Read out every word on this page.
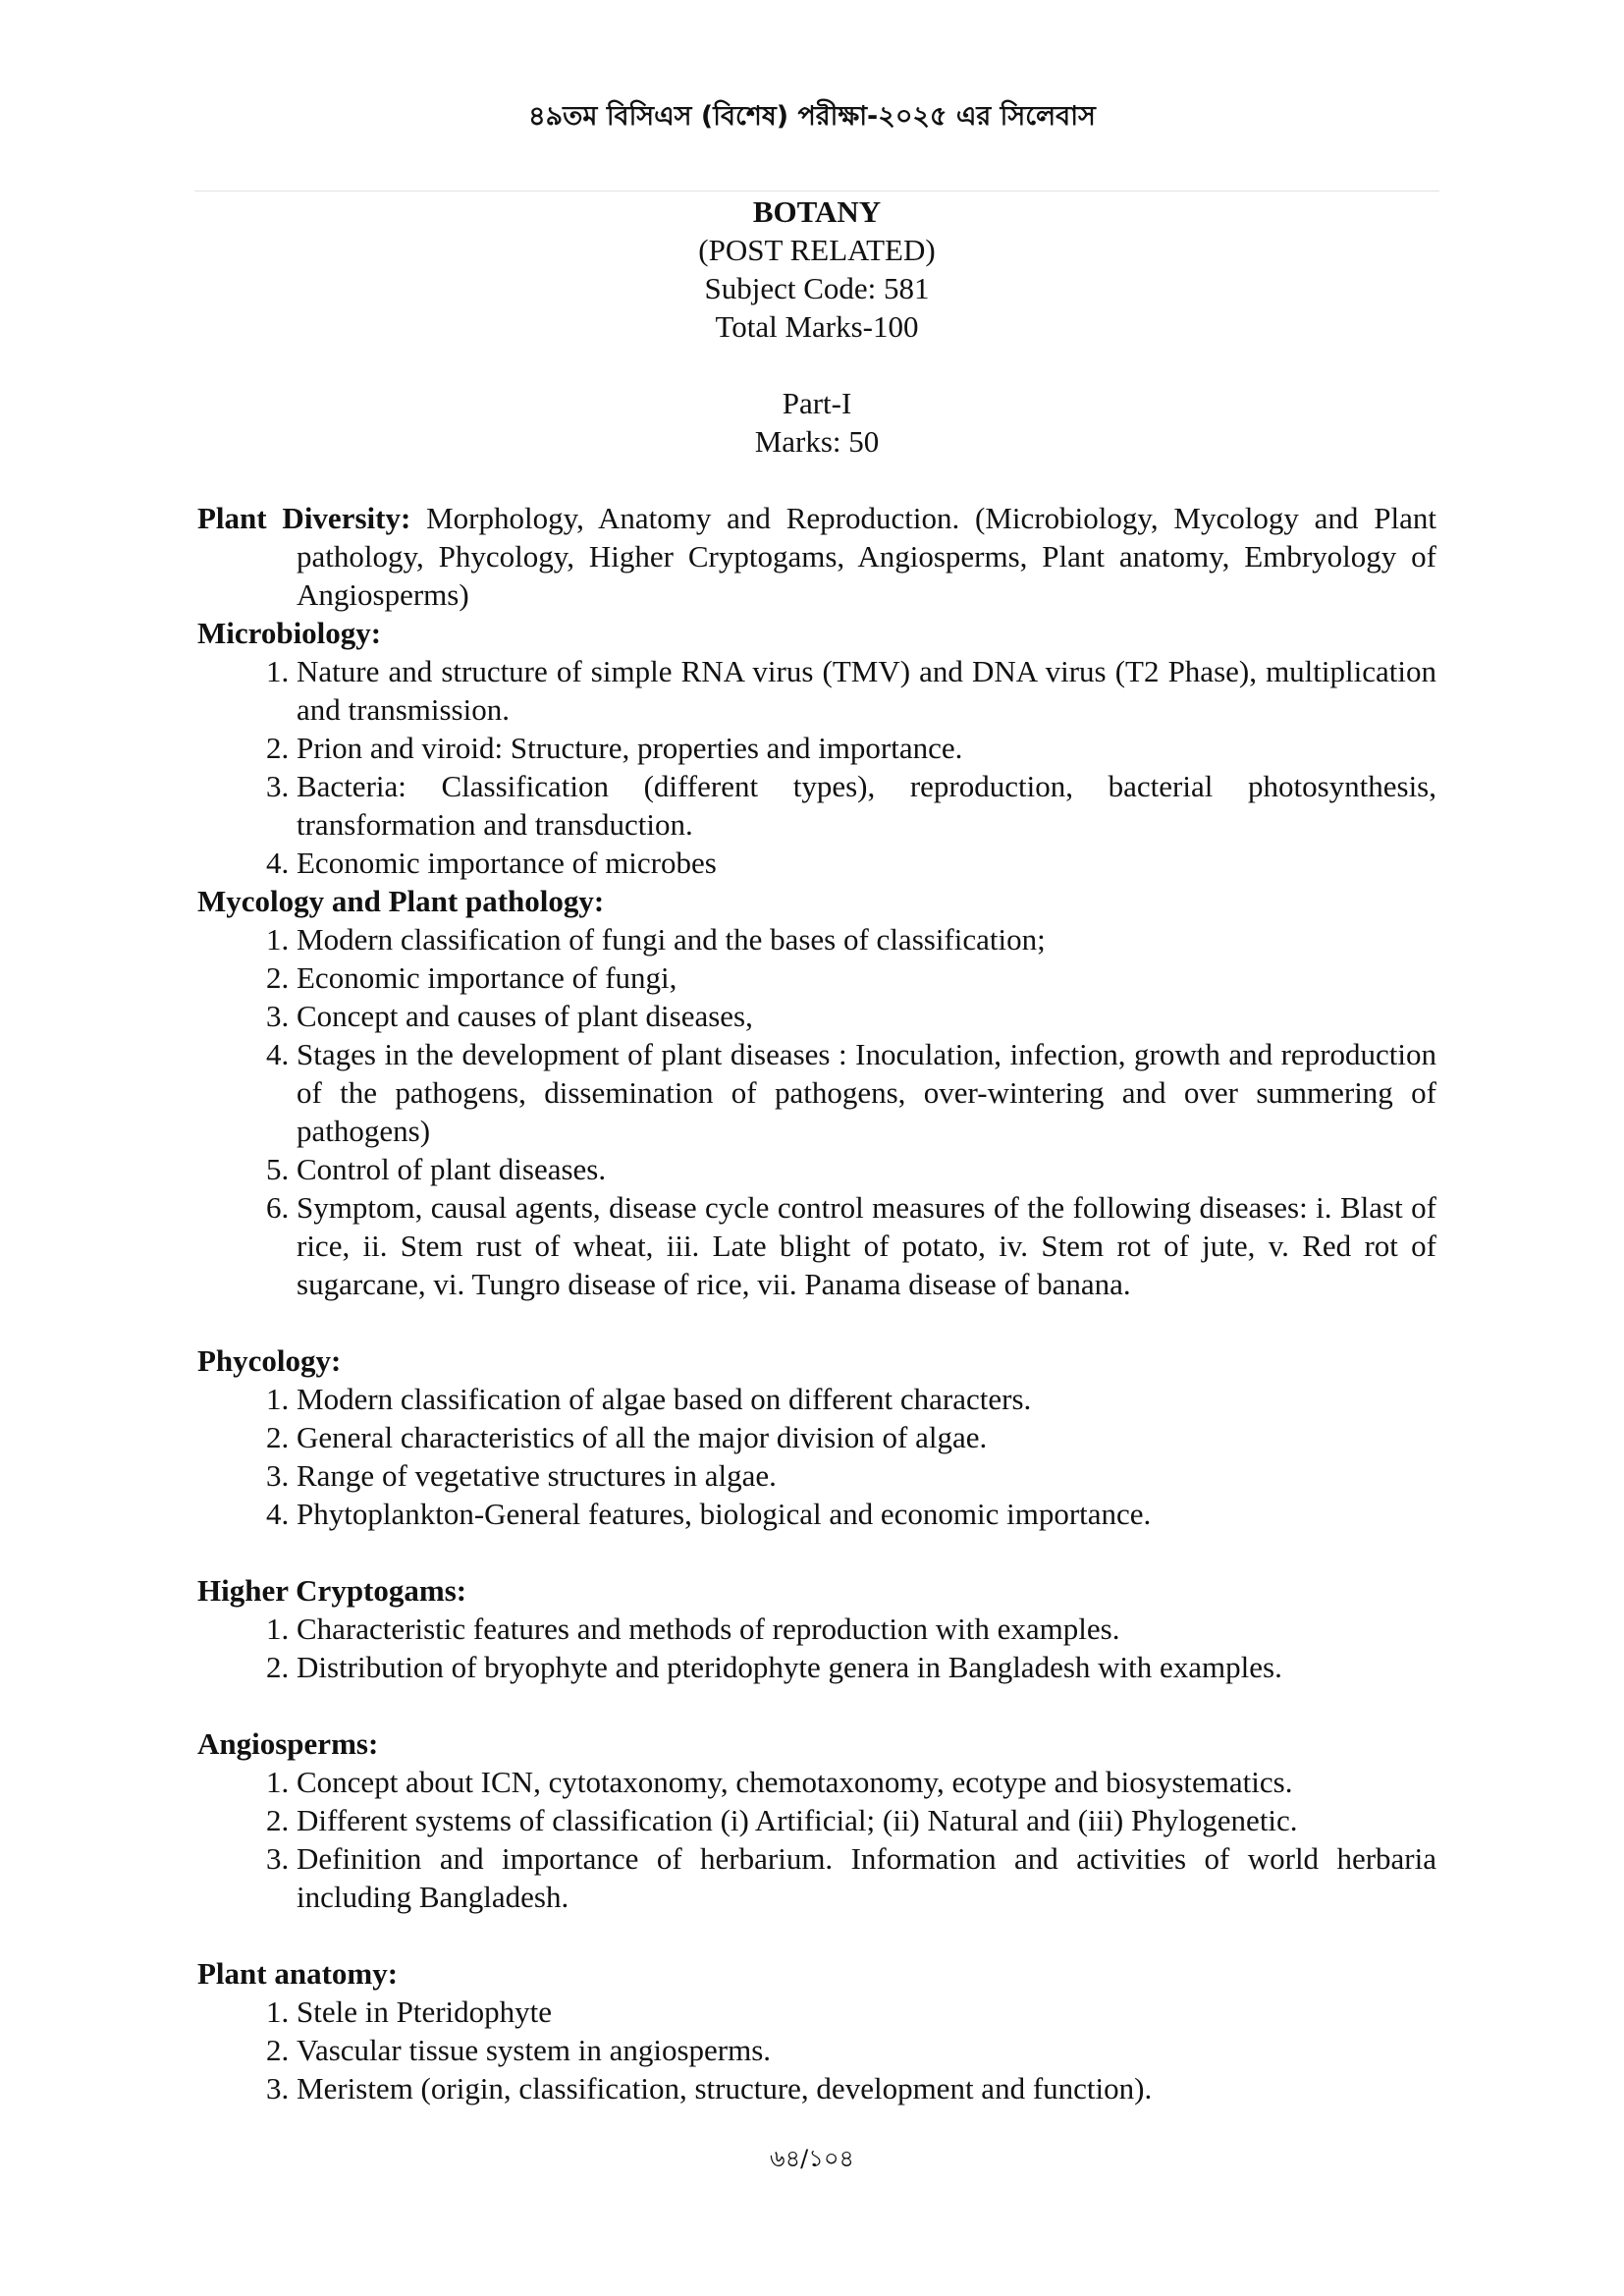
৪৯তম বিসিএস (বিশেষ) পরীক্ষা-২০২৫ এর সিলেবাস
BOTANY
(POST RELATED)
Subject Code: 581
Total Marks-100
Part-I
Marks: 50
Plant Diversity: Morphology, Anatomy and Reproduction. (Microbiology, Mycology and Plant pathology, Phycology, Higher Cryptogams, Angiosperms, Plant anatomy, Embryology of Angiosperms)
Microbiology:
1. Nature and structure of simple RNA virus (TMV) and DNA virus (T2 Phase), multiplication and transmission.
2. Prion and viroid: Structure, properties and importance.
3. Bacteria: Classification (different types), reproduction, bacterial photosynthesis, transformation and transduction.
4. Economic importance of microbes
Mycology and Plant pathology:
1. Modern classification of fungi and the bases of classification;
2. Economic importance of fungi,
3. Concept and causes of plant diseases,
4. Stages in the development of plant diseases : Inoculation, infection, growth and reproduction of the pathogens, dissemination of pathogens, over-wintering and over summering of pathogens)
5. Control of plant diseases.
6. Symptom, causal agents, disease cycle control measures of the following diseases: i. Blast of rice, ii. Stem rust of wheat, iii. Late blight of potato, iv. Stem rot of jute, v. Red rot of sugarcane, vi. Tungro disease of rice, vii. Panama disease of banana.
Phycology:
1. Modern classification of algae based on different characters.
2. General characteristics of all the major division of algae.
3. Range of vegetative structures in algae.
4. Phytoplankton-General features, biological and economic importance.
Higher Cryptogams:
1. Characteristic features and methods of reproduction with examples.
2. Distribution of bryophyte and pteridophyte genera in Bangladesh with examples.
Angiosperms:
1. Concept about ICN, cytotaxonomy, chemotaxonomy, ecotype and biosystematics.
2. Different systems of classification (i) Artificial; (ii) Natural and (iii) Phylogenetic.
3. Definition and importance of herbarium. Information and activities of world herbaria including Bangladesh.
Plant anatomy:
1. Stele in Pteridophyte
2. Vascular tissue system in angiosperms.
3. Meristem (origin, classification, structure, development and function).
৬৪/১০৪
